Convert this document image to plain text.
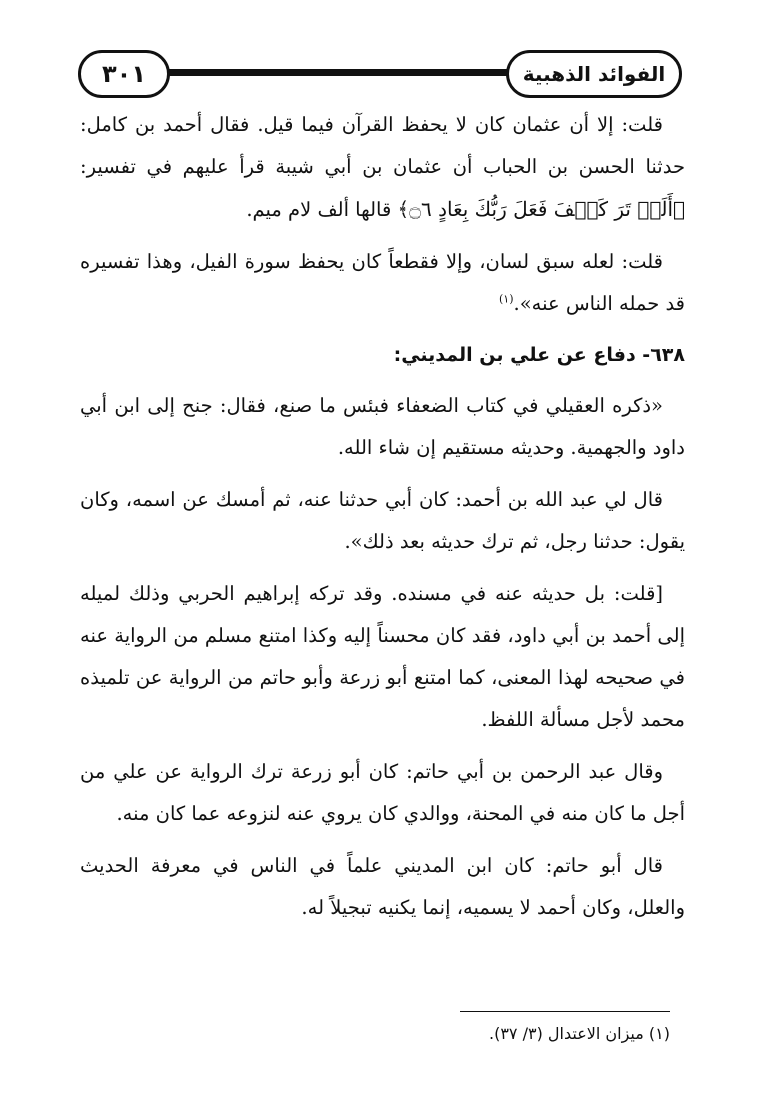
٣٠١	الفوائد الذهبية

قلت: إلا أن عثمان كان لا يحفظ القرآن فيما قيل. فقال أحمد بن كامل: حدثنا الحسن بن الحباب أن عثمان بن أبي شيبة قرأ عليهم في تفسير: ﴿أَلَمۡ تَرَ كَيۡفَ فَعَلَ رَبُّكَ بِعَادٍ ۝٦﴾ قالها ألف لام ميم.

قلت: لعله سبق لسان، وإلا فقطعاً كان يحفظ سورة الفيل، وهذا تفسيره قد حمله الناس عنه».$^{(١)}$

٦٣٨- دفاع عن علي بن المديني:

«ذكره العقيلي في كتاب الضعفاء فبئس ما صنع، فقال: جنح إلى ابن أبي داود والجهمية. وحديثه مستقيم إن شاء الله.

قال لي عبد الله بن أحمد: كان أبي حدثنا عنه، ثم أمسك عن اسمه، وكان يقول: حدثنا رجل، ثم ترك حديثه بعد ذلك».

[قلت: بل حديثه عنه في مسنده. وقد تركه إبراهيم الحربي وذلك لميله إلى أحمد بن أبي داود، فقد كان محسناً إليه وكذا امتنع مسلم من الرواية عنه في صحيحه لهذا المعنى، كما امتنع أبو زرعة وأبو حاتم من الرواية عن تلميذه محمد لأجل مسألة اللفظ.

وقال عبد الرحمن بن أبي حاتم: كان أبو زرعة ترك الرواية عن علي من أجل ما كان منه في المحنة، ووالدي كان يروي عنه لنزوعه عما كان منه.

قال أبو حاتم: كان ابن المديني علماً في الناس في معرفة الحديث والعلل، وكان أحمد لا يسميه، إنما يكنيه تبجيلاً له.

(١) ميزان الاعتدال (٣/ ٣٧).
